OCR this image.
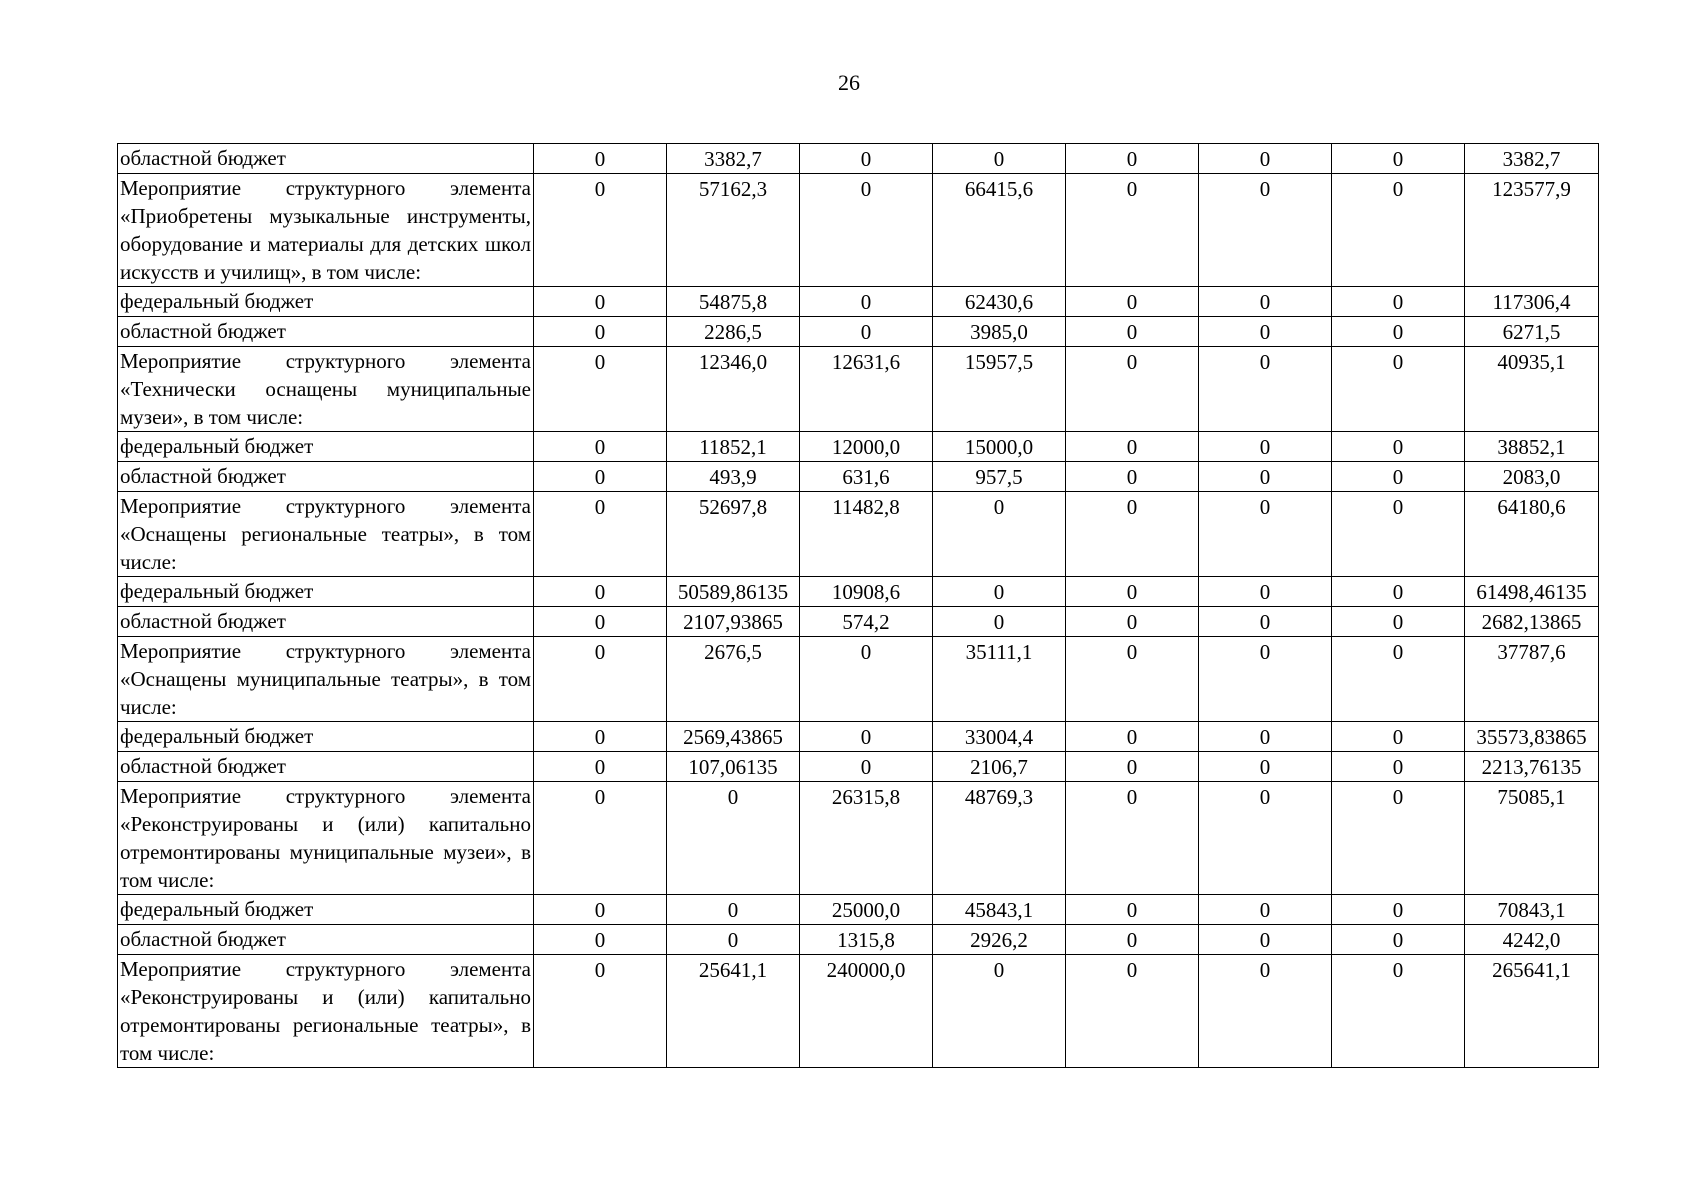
26
областной бюджет	0	3382,7	0	0	0	0	0	3382,7
Мероприятие структурного элемента «Приобретены музыкальные инструменты, оборудование и материалы для детских школ искусств и училищ», в том числе:	0	57162,3	0	66415,6	0	0	0	123577,9
федеральный бюджет	0	54875,8	0	62430,6	0	0	0	117306,4
областной бюджет	0	2286,5	0	3985,0	0	0	0	6271,5
Мероприятие структурного элемента «Технически оснащены муниципальные музеи», в том числе:	0	12346,0	12631,6	15957,5	0	0	0	40935,1
федеральный бюджет	0	11852,1	12000,0	15000,0	0	0	0	38852,1
областной бюджет	0	493,9	631,6	957,5	0	0	0	2083,0
Мероприятие структурного элемента «Оснащены региональные театры», в том числе:	0	52697,8	11482,8	0	0	0	0	64180,6
федеральный бюджет	0	50589,86135	10908,6	0	0	0	0	61498,46135
областной бюджет	0	2107,93865	574,2	0	0	0	0	2682,13865
Мероприятие структурного элемента «Оснащены муниципальные театры», в том числе:	0	2676,5	0	35111,1	0	0	0	37787,6
федеральный бюджет	0	2569,43865	0	33004,4	0	0	0	35573,83865
областной бюджет	0	107,06135	0	2106,7	0	0	0	2213,76135
Мероприятие структурного элемента «Реконструированы и (или) капитально отремонтированы муниципальные музеи», в том числе:	0	0	26315,8	48769,3	0	0	0	75085,1
федеральный бюджет	0	0	25000,0	45843,1	0	0	0	70843,1
областной бюджет	0	0	1315,8	2926,2	0	0	0	4242,0
Мероприятие структурного элемента «Реконструированы и (или) капитально отремонтированы региональные театры», в том числе:	0	25641,1	240000,0	0	0	0	0	265641,1
